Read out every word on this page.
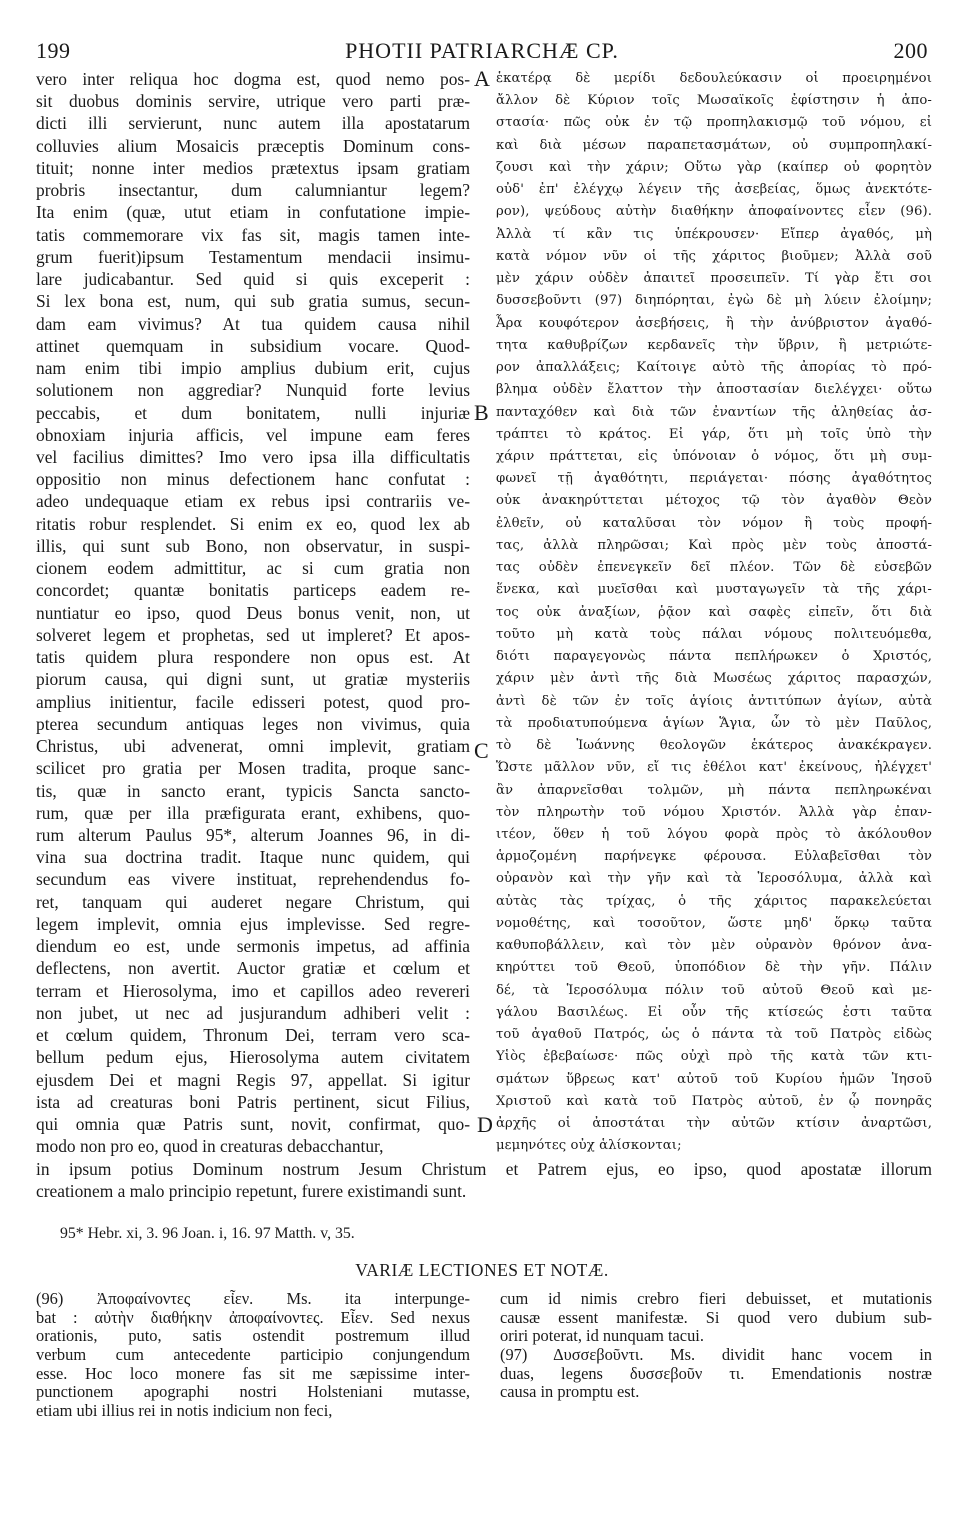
199	PHOTII PATRIARCHÆ CP.	200
vero inter reliqua hoc dogma est, quod nemo pos-
sit duobus dominis servire, utrique vero parti præ-
dicti illi servierunt, nunc autem illa apostatarum
colluvies alium Mosaicis præceptis Dominum cons-
tituit; nonne inter medios prætextus ipsam gratiam
probris insectantur, dum calumniantur legem?
Ita enim (quæ, utut etiam in confutatione impie-
tatis commemorare vix fas sit, magis tamen inte-
grum fuerit)ipsum Testamentum mendacii insimu-
lare judicabantur. Sed quid si quis exceperit :
Si lex bona est, num, qui sub gratia sumus, secun-
dam eam vivimus? At tua quidem causa nihil
attinet quemquam in subsidium vocare. Quod-
nam enim tibi impio amplius dubium erit, cujus
solutionem non aggrediar? Nunquid forte levius
peccabis, et dum bonitatem, nulli injuriæ
obnoxiam injuria afficis, vel impune eam feres
vel facilius dimittes? Imo vero ipsa illa difficultatis
oppositio non minus defectionem hanc confutat :
adeo undequaque etiam ex rebus ipsi contrariis ve-
ritatis robur resplendet. Si enim ex eo, quod lex ab
illis, qui sunt sub Bono, non observatur, in suspi-
cionem eodem admittitur, ac si cum gratia non
concordet; quantæ bonitatis particeps eadem re-
nuntiatur eo ipso, quod Deus bonus venit, non, ut
solveret legem et prophetas, sed ut impleret? Et apos-
tatis quidem plura respondere non opus est. At
piorum causa, qui digni sunt, ut gratiæ mysteriis
amplius initientur, facile edisseri potest, quod pro-
pterea secundum antiquas leges non vivimus, quia
Christus, ubi advenerat, omni implevit, gratiam
scilicet pro gratia per Mosen tradita, proque sanc-
tis, quæ in sancto erant, typicis Sancta sancto-
rum, quæ per illa præfigurata erant, exhibens, quo-
rum alterum Paulus 95*, alterum Joannes 96, in di-
vina sua doctrina tradit. Itaque nunc quidem, qui
secundum eas vivere instituat, reprehendendus fo-
ret, tanquam qui auderet negare Christum, qui
legem implevit, omnia ejus implevisse. Sed regre-
diendum eo est, unde sermonis impetus, ad affinia
deflectens, non avertit. Auctor gratiæ et cœlum et
terram et Hierosolyma, imo et capillos adeo revereri
non jubet, ut nec ad jusjurandum adhiberi velit :
et cœlum quidem, Thronum Dei, terram vero sca-
bellum pedum ejus, Hierosolyma autem civitatem
ejusdem Dei et magni Regis 97, appellat. Si igitur
ista ad creaturas boni Patris pertinent, sicut Filius,
qui omnia quæ Patris sunt, novit, confirmat, quo-
modo non pro eo, quod in creaturas debacchantur,
A
B
C
D
ἑκατέρᾳ δὲ μερίδι δεδουλεύκασιν οἱ προειρημένοι
ἄλλον δὲ Κύριον τοῖς Μωσαϊκοῖς ἐφίστησιν ἡ ἀπο-
στασία· πῶς οὐκ ἐν τῷ προπηλακισμῷ τοῦ νόμου, εἰ
καὶ διὰ μέσων παραπετασμάτων, οὐ συμπροπηλακί-
ζουσι καὶ τὴν χάριν; Οὕτω γὰρ (καίπερ οὐ φορητὸν
οὐδ' ἐπ' ἐλέγχῳ λέγειν τῆς ἀσεβείας, ὅμως ἀνεκτότε-
ρον), ψεύδους αὐτὴν διαθήκην ἀποφαίνοντες εἶεν (96).
Ἀλλὰ τί κἂν τις ὑπέκρουσεν· Εἴπερ ἀγαθός, μὴ
κατὰ νόμον νῦν οἱ τῆς χάριτος βιοῦμεν; Ἀλλὰ σοῦ
μὲν χάριν οὐδὲν ἀπαιτεῖ προσειπεῖν. Τί γὰρ ἔτι σοι
δυσσεβοῦντι (97) διηπόρηται, ἐγὼ δὲ μὴ λύειν ἐλοίμην;
Ἆρα κουφότερον ἀσεβήσεις, ἢ τὴν ἀνύβριστον ἀγαθό-
τητα καθυβρίζων κερδανεῖς τὴν ὕβριν, ἢ μετριώτε-
ρον ἀπαλλάξεις; Καίτοιγε αὐτὸ τῆς ἀπορίας τὸ πρό-
βλημα οὐδὲν ἔλαττον τὴν ἀποστασίαν διελέγχει· οὕτω
πανταχόθεν καὶ διὰ τῶν ἐναντίων τῆς ἀληθείας ἀσ-
τράπτει τὸ κράτος. Εἰ γάρ, ὅτι μὴ τοῖς ὑπὸ τὴν
χάριν πράττεται, εἰς ὑπόνοιαν ὁ νόμος, ὅτι μὴ συμ-
φωνεῖ τῇ ἀγαθότητι, περιάγεται· πόσης ἀγαθότητος
οὐκ ἀνακηρύττεται μέτοχος τῷ τὸν ἀγαθὸν Θεὸν
ἐλθεῖν, οὐ καταλῦσαι τὸν νόμον ἢ τοὺς προφή-
τας, ἀλλὰ πληρῶσαι; Καὶ πρὸς μὲν τοὺς ἀποστά-
τας οὐδὲν ἐπενεγκεῖν δεῖ πλέον. Τῶν δὲ εὐσεβῶν
ἕνεκα, καὶ μυεῖσθαι καὶ μυσταγωγεῖν τὰ τῆς χάρι-
τος οὐκ ἀναξίων, ῥᾷον καὶ σαφὲς εἰπεῖν, ὅτι διὰ
τοῦτο μὴ κατὰ τοὺς πάλαι νόμους πολιτευόμεθα,
διότι παραγεγονὼς πάντα πεπλήρωκεν ὁ Χριστός,
χάριν μὲν ἀντὶ τῆς διὰ Μωσέως χάριτος παρασχών,
ἀντὶ δὲ τῶν ἐν τοῖς ἁγίοις ἀντιτύπων ἁγίων, αὐτὰ
τὰ προδιατυπούμενα ἁγίων Ἅγια, ὧν τὸ μὲν Παῦλος,
τὸ δὲ Ἰωάννης θεολογῶν ἑκάτερος ἀνακέκραγεν.
Ὥστε μᾶλλον νῦν, εἴ τις ἐθέλοι κατ' ἐκείνους, ἠλέγχετ'
ἂν ἀπαρνεῖσθαι τολμῶν, μὴ πάντα πεπληρωκέναι
τὸν πληρωτὴν τοῦ νόμου Χριστόν. Ἀλλὰ γὰρ ἐπαν-
ιτέον, ὅθεν ἡ τοῦ λόγου φορὰ πρὸς τὸ ἀκόλουθον
ἁρμοζομένη παρήνεγκε φέρουσα. Εὐλαβεῖσθαι τὸν
οὐρανὸν καὶ τὴν γῆν καὶ τὰ Ἱεροσόλυμα, ἀλλὰ καὶ
αὐτὰς τὰς τρίχας, ὁ τῆς χάριτος παρακελεύεται
νομοθέτης, καὶ τοσοῦτον, ὥστε μηδ' ὅρκῳ ταῦτα
καθυποβάλλειν, καὶ τὸν μὲν οὐρανὸν θρόνον ἀνα-
κηρύττει τοῦ Θεοῦ, ὑποπόδιον δὲ τὴν γῆν. Πάλιν
δέ, τὰ Ἱεροσόλυμα πόλιν τοῦ αὐτοῦ Θεοῦ καὶ με-
γάλου Βασιλέως. Εἰ οὖν τῆς κτίσεώς ἐστι ταῦτα
τοῦ ἀγαθοῦ Πατρός, ὡς ὁ πάντα τὰ τοῦ Πατρὸς εἰδὼς
Υἱὸς ἐβεβαίωσε· πῶς οὐχὶ πρὸ τῆς κατὰ τῶν κτι-
σμάτων ὕβρεως κατ' αὐτοῦ τοῦ Κυρίου ἡμῶν Ἰησοῦ
Χριστοῦ καὶ κατὰ τοῦ Πατρὸς αὐτοῦ, ἐν ᾧ πονηρᾶς
ἀρχῆς οἱ ἀποστάται τὴν αὐτῶν κτίσιν ἀναρτῶσι,
μεμηνότες οὐχ ἁλίσκονται;
in ipsum potius Dominum nostrum Jesum Christum et Patrem ejus, eo ipso, quod apostatæ illorum
creationem a malo principio repetunt, furere existimandi sunt.
95* Hebr. xi, 3. 96 Joan. i, 16. 97 Matth. v, 35.
VARIÆ LECTIONES ET NOTÆ.
(96) Ἀποφαίνοντες εἶεν. Ms. ita interpunge-
bat : αὐτὴν διαθήκην ἀποφαίνοντες. Εἶεν. Sed nexus
orationis, puto, satis ostendit postremum illud
verbum cum antecedente participio conjungendum
esse. Hoc loco monere fas sit me sæpissime inter-
punctionem apographi nostri Holsteniani mutasse,
etiam ubi illius rei in notis indicium non feci,
cum id nimis crebro fieri debuisset, et mutationis
causæ essent manifestæ. Si quod vero dubium sub-
oriri poterat, id nunquam tacui.
(97) Δυσσεβοῦντι. Ms. dividit hanc vocem in
duas, legens δυσσεβοῦν τι. Emendationis nostræ
causa in promptu est.
